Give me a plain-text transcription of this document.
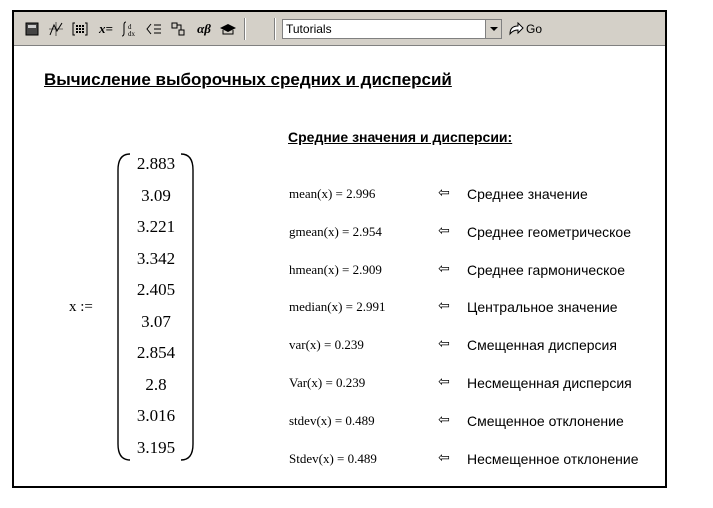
x=	d
dx	αβ	Tutorials	Go
Вычисление выборочных средних и дисперсий
Средние значения и дисперсии:
x :=
2.883
3.09
3.221
3.342
2.405
3.07
2.854
2.8
3.016
3.195
mean(x) = 2.996	⇦ Среднее значение
gmean(x) = 2.954	⇦ Среднее геометрическое
hmean(x) = 2.909	⇦ Среднее гармоническое
median(x) = 2.991	⇦ Центральное значение
var(x) = 0.239	⇦ Смещенная дисперсия
Var(x) = 0.239	⇦ Несмещенная дисперсия
stdev(x) = 0.489	⇦ Смещенное отклонение
Stdev(x) = 0.489	⇦ Несмещенное отклонение
